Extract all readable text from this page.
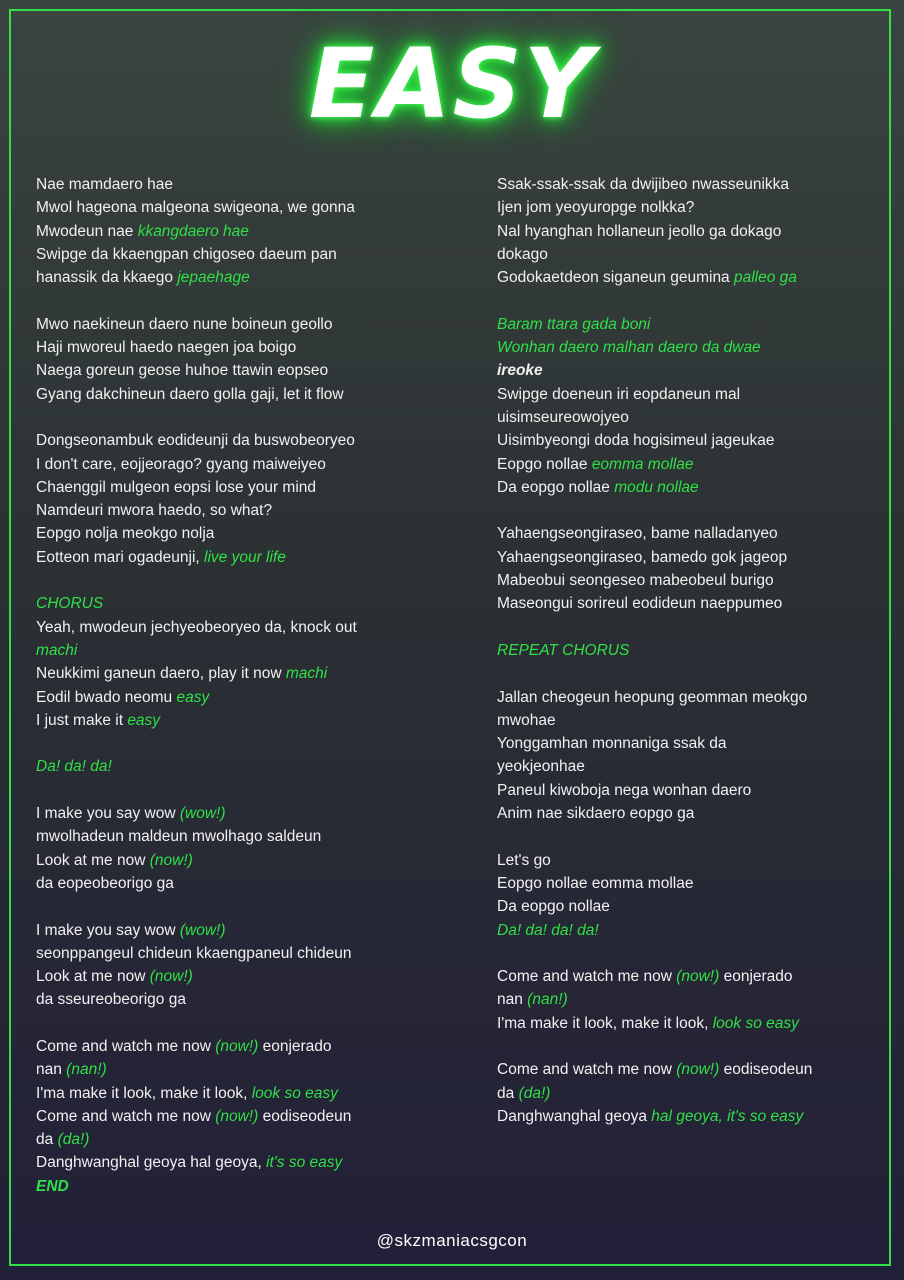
EASY
Nae mamdaero hae
Mwol hageona malgeona swigeona, we gonna
Mwodeun nae kkangdaero hae
Swipge da kkaengpan chigoseo daeum pan
hanassik da kkaego jepaehage
Mwo naekineun daero nune boineun geollo
Haji mworeul haedo naegen joa boigo
Naega goreun geose huhoe ttawin eopseo
Gyang dakchineun daero golla gaji, let it flow
Dongseonambuk eodideunji da buswobeoryeo
I don't care, eojjeorago? gyang maiweiyeo
Chaenggil mulgeon eopsi lose your mind
Namdeuri mwora haedo, so what?
Eopgo nolja meokgo nolja
Eotteon mari ogadeunji, live your life
CHORUS
Yeah, mwodeun jechyeobeoryeo da, knock out
machi
Neukkimi ganeun daero, play it now machi
Eodil bwado neomu easy
I just make it easy
Da! da! da!
I make you say wow (wow!)
mwolhadeun maldeun mwolhago saldeun
Look at me now (now!)
da eopeobeorigo ga
I make you say wow (wow!)
seonppangeul chideun kkaengpaneul chideun
Look at me now (now!)
da sseureobeorigo ga
Come and watch me now (now!) eonjerado
nan (nan!)
I'ma make it look, make it look, look so easy
Come and watch me now (now!) eodiseodeun
da (da!)
Danghwanghal geoya hal geoya, it's so easy
END
Ssak-ssak-ssak da dwijibeo nwasseunikka
Ijen jom yeoyuropge nolkka?
Nal hyanghan hollaneun jeollo ga dokago
dokago
Godokaetdeon siganeun geumina palleo ga
Baram ttara gada boni
Wonhan daero malhan daero da dwae
ireoke
Swipge doeneun iri eopdaneun mal
uisimseureowojyeo
Uisimbyeongi doda hogisimeul jageukae
Eopgo nollae eomma mollae
Da eopgo nollae modu nollae
Yahaengseongiraseo, bame nalladanyeo
Yahaengseongiraseo, bamedo gok jageop
Mabeobui seongeseo mabeobeul burigo
Maseongui sorireul eodideun naeppumeo
REPEAT CHORUS
Jallan cheogeun heopung geomman meokgo
mwohae
Yonggamhan monnaniga ssak da
yeokjeonhae
Paneul kiwoboja nega wonhan daero
Anim nae sikdaero eopgo ga
Let's go
Eopgo nollae eomma mollae
Da eopgo nollae
Da! da! da! da!
Come and watch me now (now!) eonjerado
nan (nan!)
I'ma make it look, make it look, look so easy
Come and watch me now (now!) eodiseodeun
da (da!)
Danghwanghal geoya hal geoya, it's so easy
@skzmaniacsgcon
